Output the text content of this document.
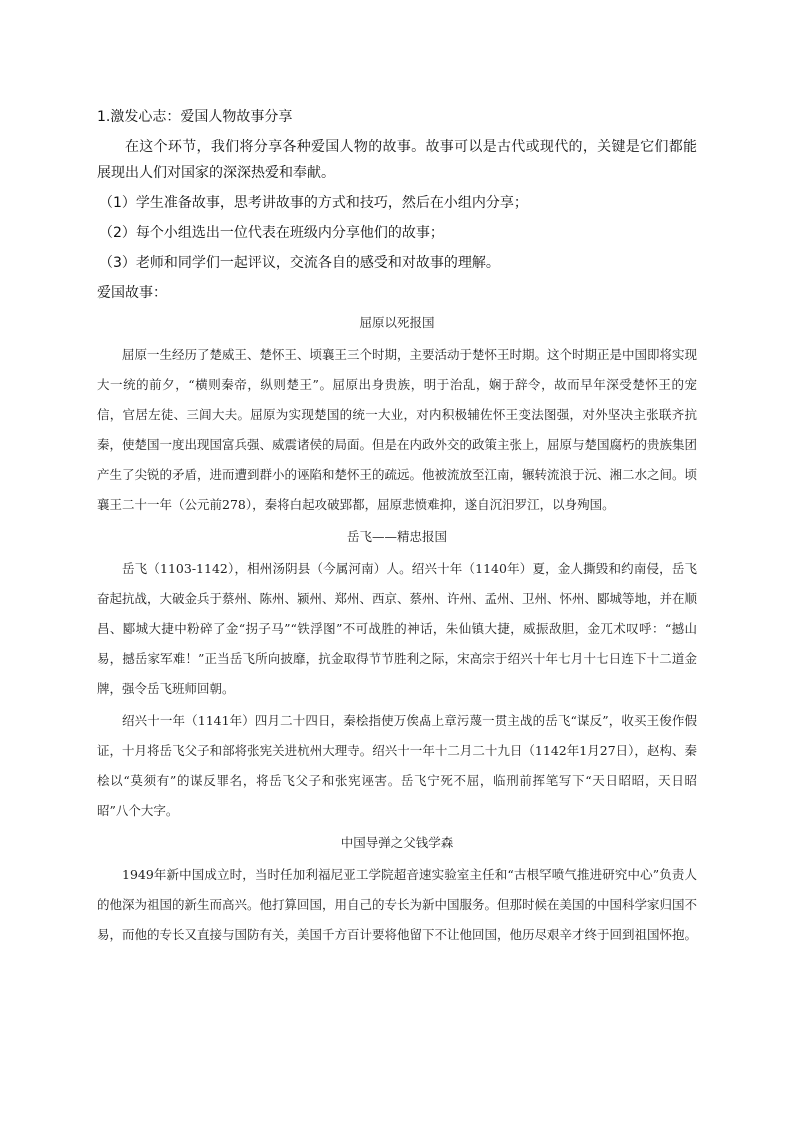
1.激发心志：爱国人物故事分享

在这个环节，我们将分享各种爱国人物的故事。故事可以是古代或现代的，关键是它们都能展现出人们对国家的深深热爱和奉献。

（1）学生准备故事，思考讲故事的方式和技巧，然后在小组内分享；

（2）每个小组选出一位代表在班级内分享他们的故事；

（3）老师和同学们一起评议，交流各自的感受和对故事的理解。

爱国故事：

屈原以死报国

屈原一生经历了楚威王、楚怀王、顷襄王三个时期，主要活动于楚怀王时期。这个时期正是中国即将实现大一统的前夕，“横则秦帝，纵则楚王”。屈原出身贵族，明于治乱，娴于辞令，故而早年深受楚怀王的宠信，官居左徒、三闾大夫。屈原为实现楚国的统一大业，对内积极辅佐怀王变法图强，对外坚决主张联齐抗秦，使楚国一度出现国富兵强、威震诸侯的局面。但是在内政外交的政策主张上，屈原与楚国腐朽的贵族集团产生了尖锐的矛盾，进而遭到群小的诬陷和楚怀王的疏远。他被流放至江南，辗转流浪于沅、湘二水之间。顷襄王二十一年（公元前278），秦将白起攻破郢都，屈原悲愤难抑，遂自沉汨罗江，以身殉国。

岳飞——精忠报国

岳飞（1103-1142），相州汤阴县（今属河南）人。绍兴十年（1140年）夏，金人撕毁和约南侵，岳飞奋起抗战，大破金兵于蔡州、陈州、颍州、郑州、西京、蔡州、许州、孟州、卫州、怀州、郾城等地，并在顺昌、郾城大捷中粉碎了金“拐子马”“铁浮图”不可战胜的神话，朱仙镇大捷，威振敌胆，金兀术叹呼：“撼山易，撼岳家军难！”正当岳飞所向披靡，抗金取得节节胜利之际，宋高宗于绍兴十年七月十七日连下十二道金牌，强令岳飞班师回朝。

绍兴十一年（1141年）四月二十四日，秦桧指使万俟卨上章污蔑一贯主战的岳飞“谋反”，收买王俊作假证，十月将岳飞父子和部将张宪关进杭州大理寺。绍兴十一年十二月二十九日（1142年1月27日），赵构、秦桧以“莫须有”的谋反罪名，将岳飞父子和张宪诬害。岳飞宁死不屈，临刑前挥笔写下“天日昭昭，天日昭昭”八个大字。

中国导弹之父钱学森

1949年新中国成立时，当时任加利福尼亚工学院超音速实验室主任和“古根罕喷气推进研究中心”负责人的他深为祖国的新生而高兴。他打算回国，用自己的专长为新中国服务。但那时候在美国的中国科学家归国不易，而他的专长又直接与国防有关，美国千方百计要将他留下不让他回国，他历尽艰辛才终于回到祖国怀抱。
